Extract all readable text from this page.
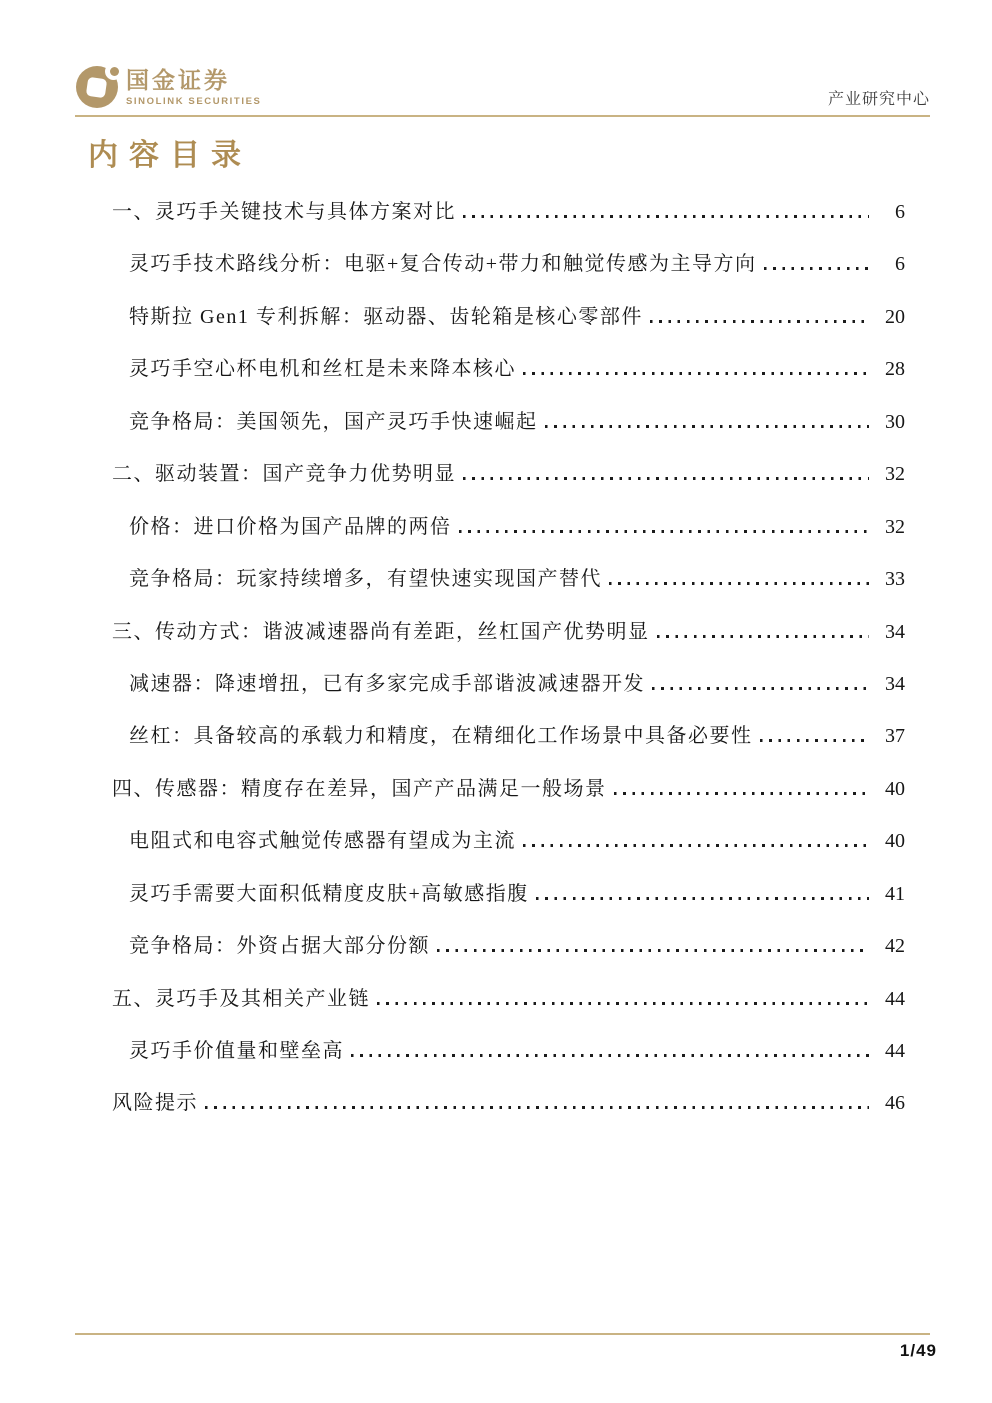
国金证券
SINOLINK SECURITIES	产业研究中心
内容目录
一、灵巧手关键技术与具体方案对比	6
灵巧手技术路线分析：电驱+复合传动+带力和触觉传感为主导方向	6
特斯拉 Gen1 专利拆解：驱动器、齿轮箱是核心零部件	20
灵巧手空心杯电机和丝杠是未来降本核心	28
竞争格局：美国领先，国产灵巧手快速崛起	30
二、驱动装置：国产竞争力优势明显	32
价格：进口价格为国产品牌的两倍	32
竞争格局：玩家持续增多，有望快速实现国产替代	33
三、传动方式：谐波减速器尚有差距，丝杠国产优势明显	34
减速器：降速增扭，已有多家完成手部谐波减速器开发	34
丝杠：具备较高的承载力和精度，在精细化工作场景中具备必要性	37
四、传感器：精度存在差异，国产产品满足一般场景	40
电阻式和电容式触觉传感器有望成为主流	40
灵巧手需要大面积低精度皮肤+高敏感指腹	41
竞争格局：外资占据大部分份额	42
五、灵巧手及其相关产业链	44
灵巧手价值量和壁垒高	44
风险提示	46
1/49
